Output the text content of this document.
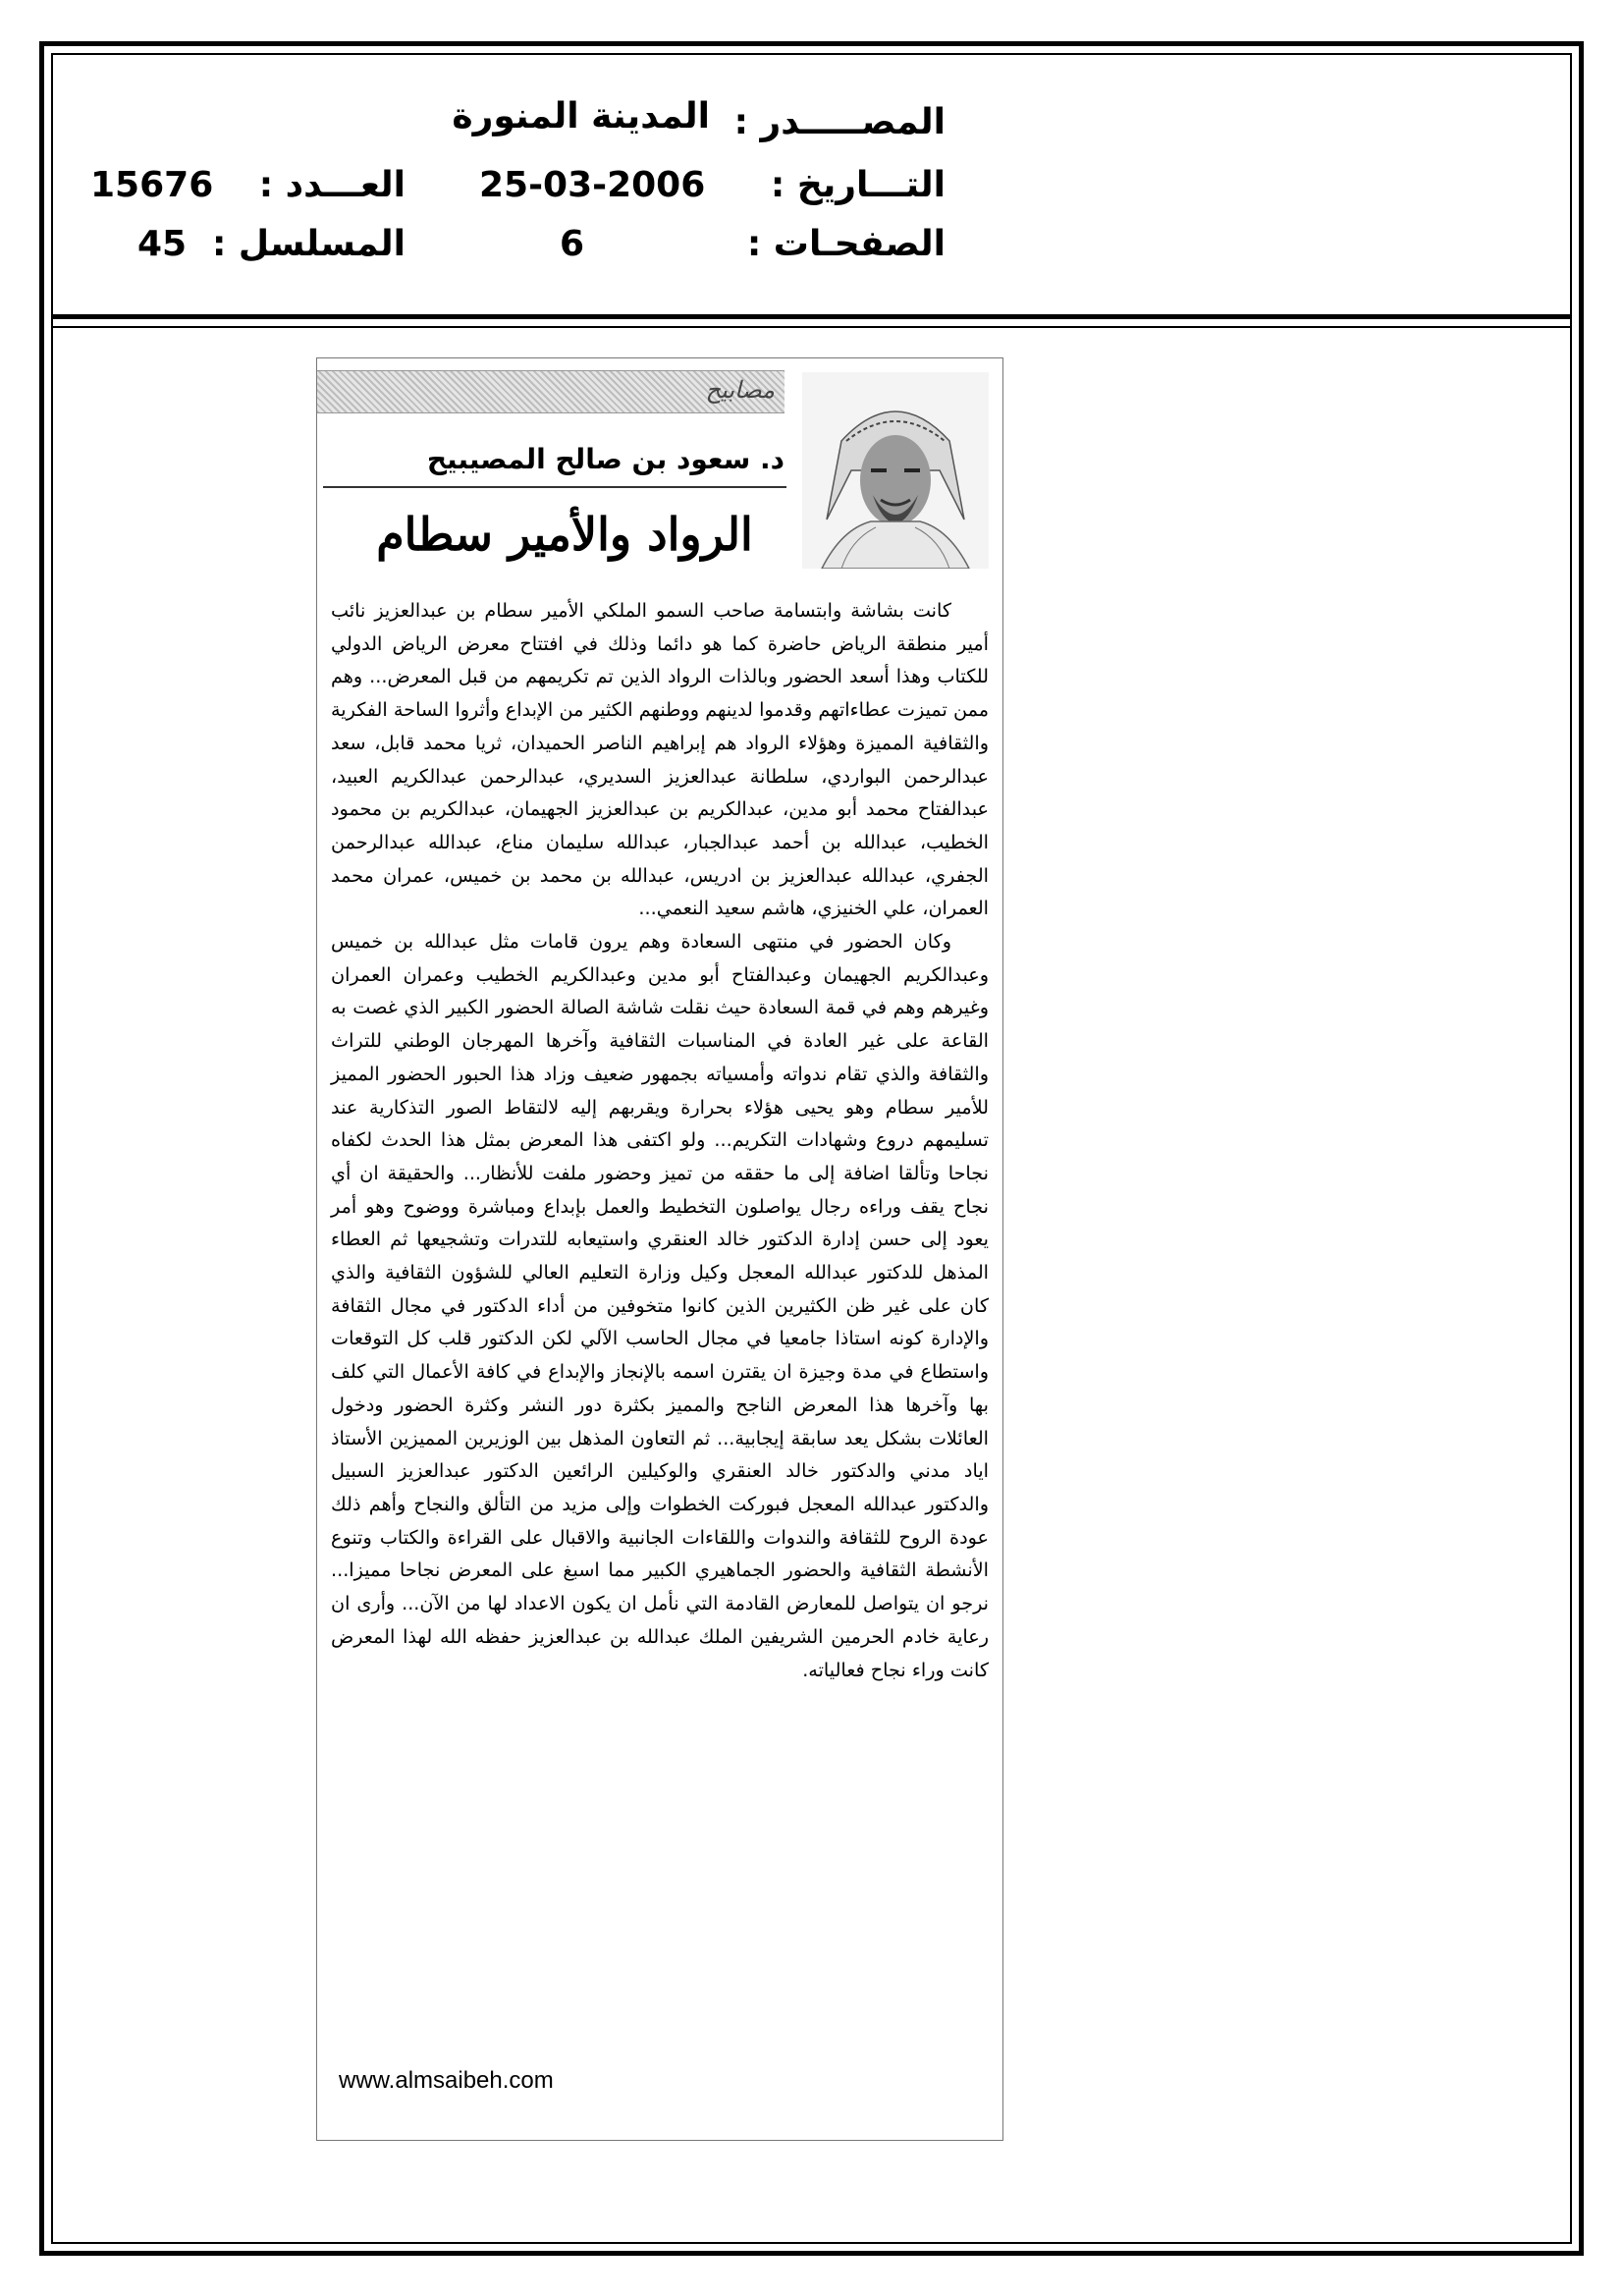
المصـــــدر :
المدينة المنورة
التـــاريخ :
25-03-2006
العـــدد :
15676
الصفحـات :
6
المسلسل :
45
مصابيح
د. سعود بن صالح المصيبيح
الرواد والأمير سطام

كانت بشاشة وابتسامة صاحب السمو الملكي الأمير سطام بن عبدالعزيز نائب أمير منطقة الرياض حاضرة كما هو دائما وذلك في افتتاح معرض الرياض الدولي للكتاب وهذا أسعد الحضور وبالذات الرواد الذين تم تكريمهم من قبل المعرض... وهم ممن تميزت عطاءاتهم وقدموا لدينهم ووطنهم الكثير من الإبداع وأثروا الساحة الفكرية والثقافية المميزة وهؤلاء الرواد هم إبراهيم الناصر الحميدان، ثريا محمد قابل، سعد عبدالرحمن البواردي، سلطانة عبدالعزيز السديري، عبدالرحمن عبدالكريم العبيد، عبدالفتاح محمد أبو مدين، عبدالكريم بن عبدالعزيز الجهيمان، عبدالكريم بن محمود الخطيب، عبدالله بن أحمد عبدالجبار، عبدالله سليمان مناع، عبدالله عبدالرحمن الجفري، عبدالله عبدالعزيز بن ادريس، عبدالله بن محمد بن خميس، عمران محمد العمران، علي الخنيزي، هاشم سعيد النعمي...

وكان الحضور في منتهى السعادة وهم يرون قامات مثل عبدالله بن خميس وعبدالكريم الجهيمان وعبدالفتاح أبو مدين وعبدالكريم الخطيب وعمران العمران وغيرهم وهم في قمة السعادة حيث نقلت شاشة الصالة الحضور الكبير الذي غصت به القاعة على غير العادة في المناسبات الثقافية وآخرها المهرجان الوطني للتراث والثقافة والذي تقام ندواته وأمسياته بجمهور ضعيف وزاد هذا الحبور الحضور المميز للأمير سطام وهو يحيى هؤلاء بحرارة ويقربهم إليه لالتقاط الصور التذكارية عند تسليمهم دروع وشهادات التكريم... ولو اكتفى هذا المعرض بمثل هذا الحدث لكفاه نجاحا وتألقا اضافة إلى ما حققه من تميز وحضور ملفت للأنظار... والحقيقة ان أي نجاح يقف وراءه رجال يواصلون التخطيط والعمل بإبداع ومباشرة ووضوح وهو أمر يعود إلى حسن إدارة الدكتور خالد العنقري واستيعابه للتدرات وتشجيعها ثم العطاء المذهل للدكتور عبدالله المعجل وكيل وزارة التعليم العالي للشؤون الثقافية والذي كان على غير ظن الكثيرين الذين كانوا متخوفين من أداء الدكتور في مجال الثقافة والإدارة كونه استاذا جامعيا في مجال الحاسب الآلي لكن الدكتور قلب كل التوقعات واستطاع في مدة وجيزة ان يقترن اسمه بالإنجاز والإبداع في كافة الأعمال التي كلف بها وآخرها هذا المعرض الناجح والمميز بكثرة دور النشر وكثرة الحضور ودخول العائلات بشكل يعد سابقة إيجابية... ثم التعاون المذهل بين الوزيرين المميزين الأستاذ اياد مدني والدكتور خالد العنقري والوكيلين الرائعين الدكتور عبدالعزيز السبيل والدكتور عبدالله المعجل فبوركت الخطوات وإلى مزيد من التألق والنجاح وأهم ذلك عودة الروح للثقافة والندوات واللقاءات الجانبية والاقبال على القراءة والكتاب وتنوع الأنشطة الثقافية والحضور الجماهيري الكبير مما اسبغ على المعرض نجاحا مميزا... نرجو ان يتواصل للمعارض القادمة التي نأمل ان يكون الاعداد لها من الآن... وأرى ان رعاية خادم الحرمين الشريفين الملك عبدالله بن عبدالعزيز حفظه الله لهذا المعرض كانت وراء نجاح فعالياته.

www.almsaibeh.com
